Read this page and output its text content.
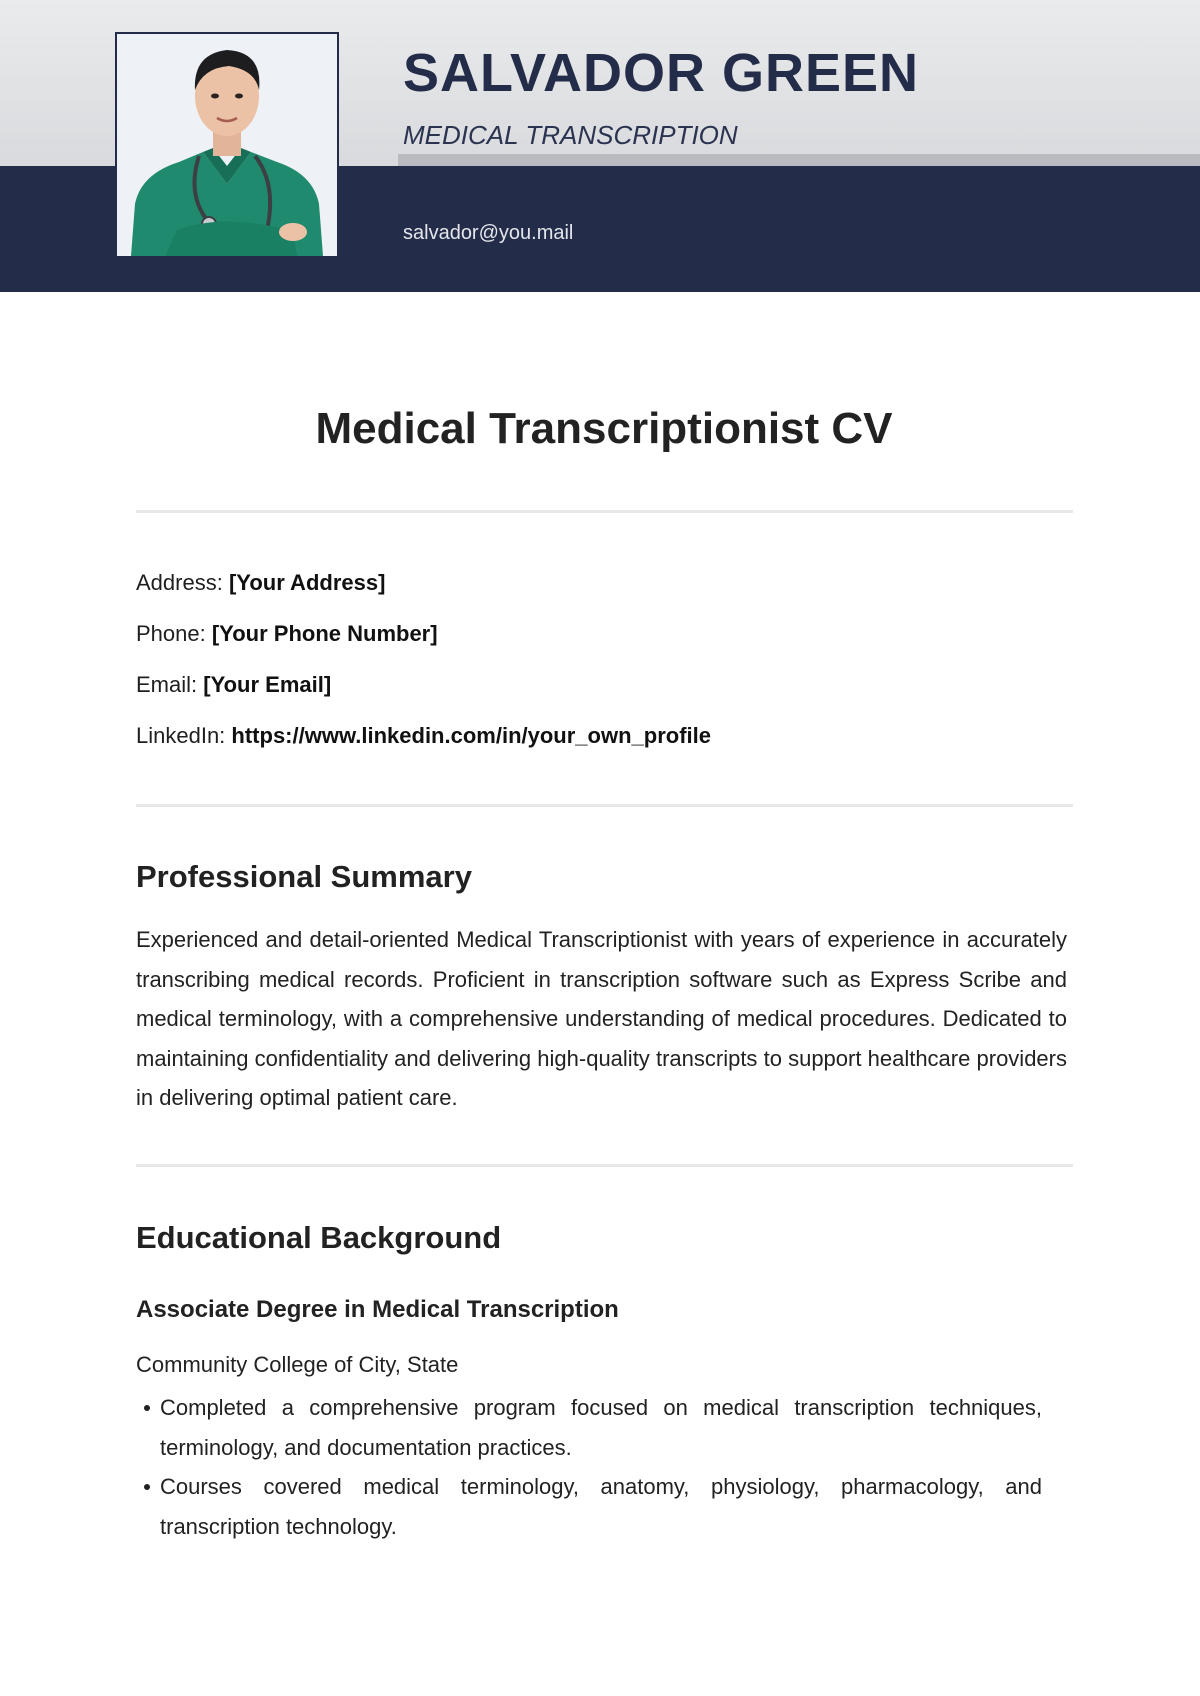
SALVADOR GREEN

MEDICAL TRANSCRIPTION

salvador@you.mail
Medical Transcriptionist CV
Address: [Your Address]
Phone: [Your Phone Number]
Email: [Your Email]
LinkedIn: https://www.linkedin.com/in/your_own_profile
Professional Summary

Experienced and detail-oriented Medical Transcriptionist with years of experience in accurately transcribing medical records. Proficient in transcription software such as Express Scribe and medical terminology, with a comprehensive understanding of medical procedures. Dedicated to maintaining confidentiality and delivering high-quality transcripts to support healthcare providers in delivering optimal patient care.

Educational Background
Associate Degree in Medical Transcription
Community College of City, State
Completed a comprehensive program focused on medical transcription techniques, terminology, and documentation practices.
Courses covered medical terminology, anatomy, physiology, pharmacology, and transcription technology.
